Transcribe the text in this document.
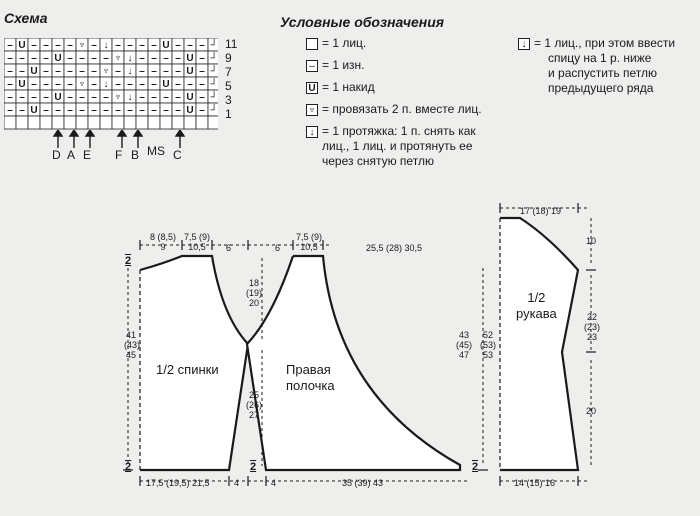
Схема
– U – – – – ♆ – ↓ – – – – U – – – ┘
– – – – U – – – – ♆ ↓ – – – – U – ┘
– – U – – – – – ♆ – ↓ – – – – U – ┘
– U – – – – ♆ – ↓ – – – – U – – – ┘
– – – – U – – – – ♆ ↓ – – – – U – ┘
– – U – – – – – – – – – – – – U – ┘
11
9
7
5
3
1
D A E F B MS C
Условные обозначения
= 1 лиц.
– = 1 изн.
U = 1 накид
♆ = провязать 2 п. вместе лиц.
↓ = 1 протяжка: 1 п. снять как
лиц., 1 лиц. и протянуть ее
через снятую петлю
↓ = 1 лиц., при этом ввести
спицу на 1 р. ниже
и распустить петлю
предыдущего ряда
1/2 спинки
8 (8,5)
9
7,5 (9)
10,5	6
41
(43)
45
18
(19)
20
25
(26)
27
17,5 (19,5) 21,5	4
Правая
полочка
6
7,5 (9)
10,5	25,5 (28) 30,5
43
(45)
47
52
(53)
53
4	35 (39) 43
1/2
рукава
17 (18) 19
10
22
(23)
23
20
14 (15) 16
2
2	2	2
